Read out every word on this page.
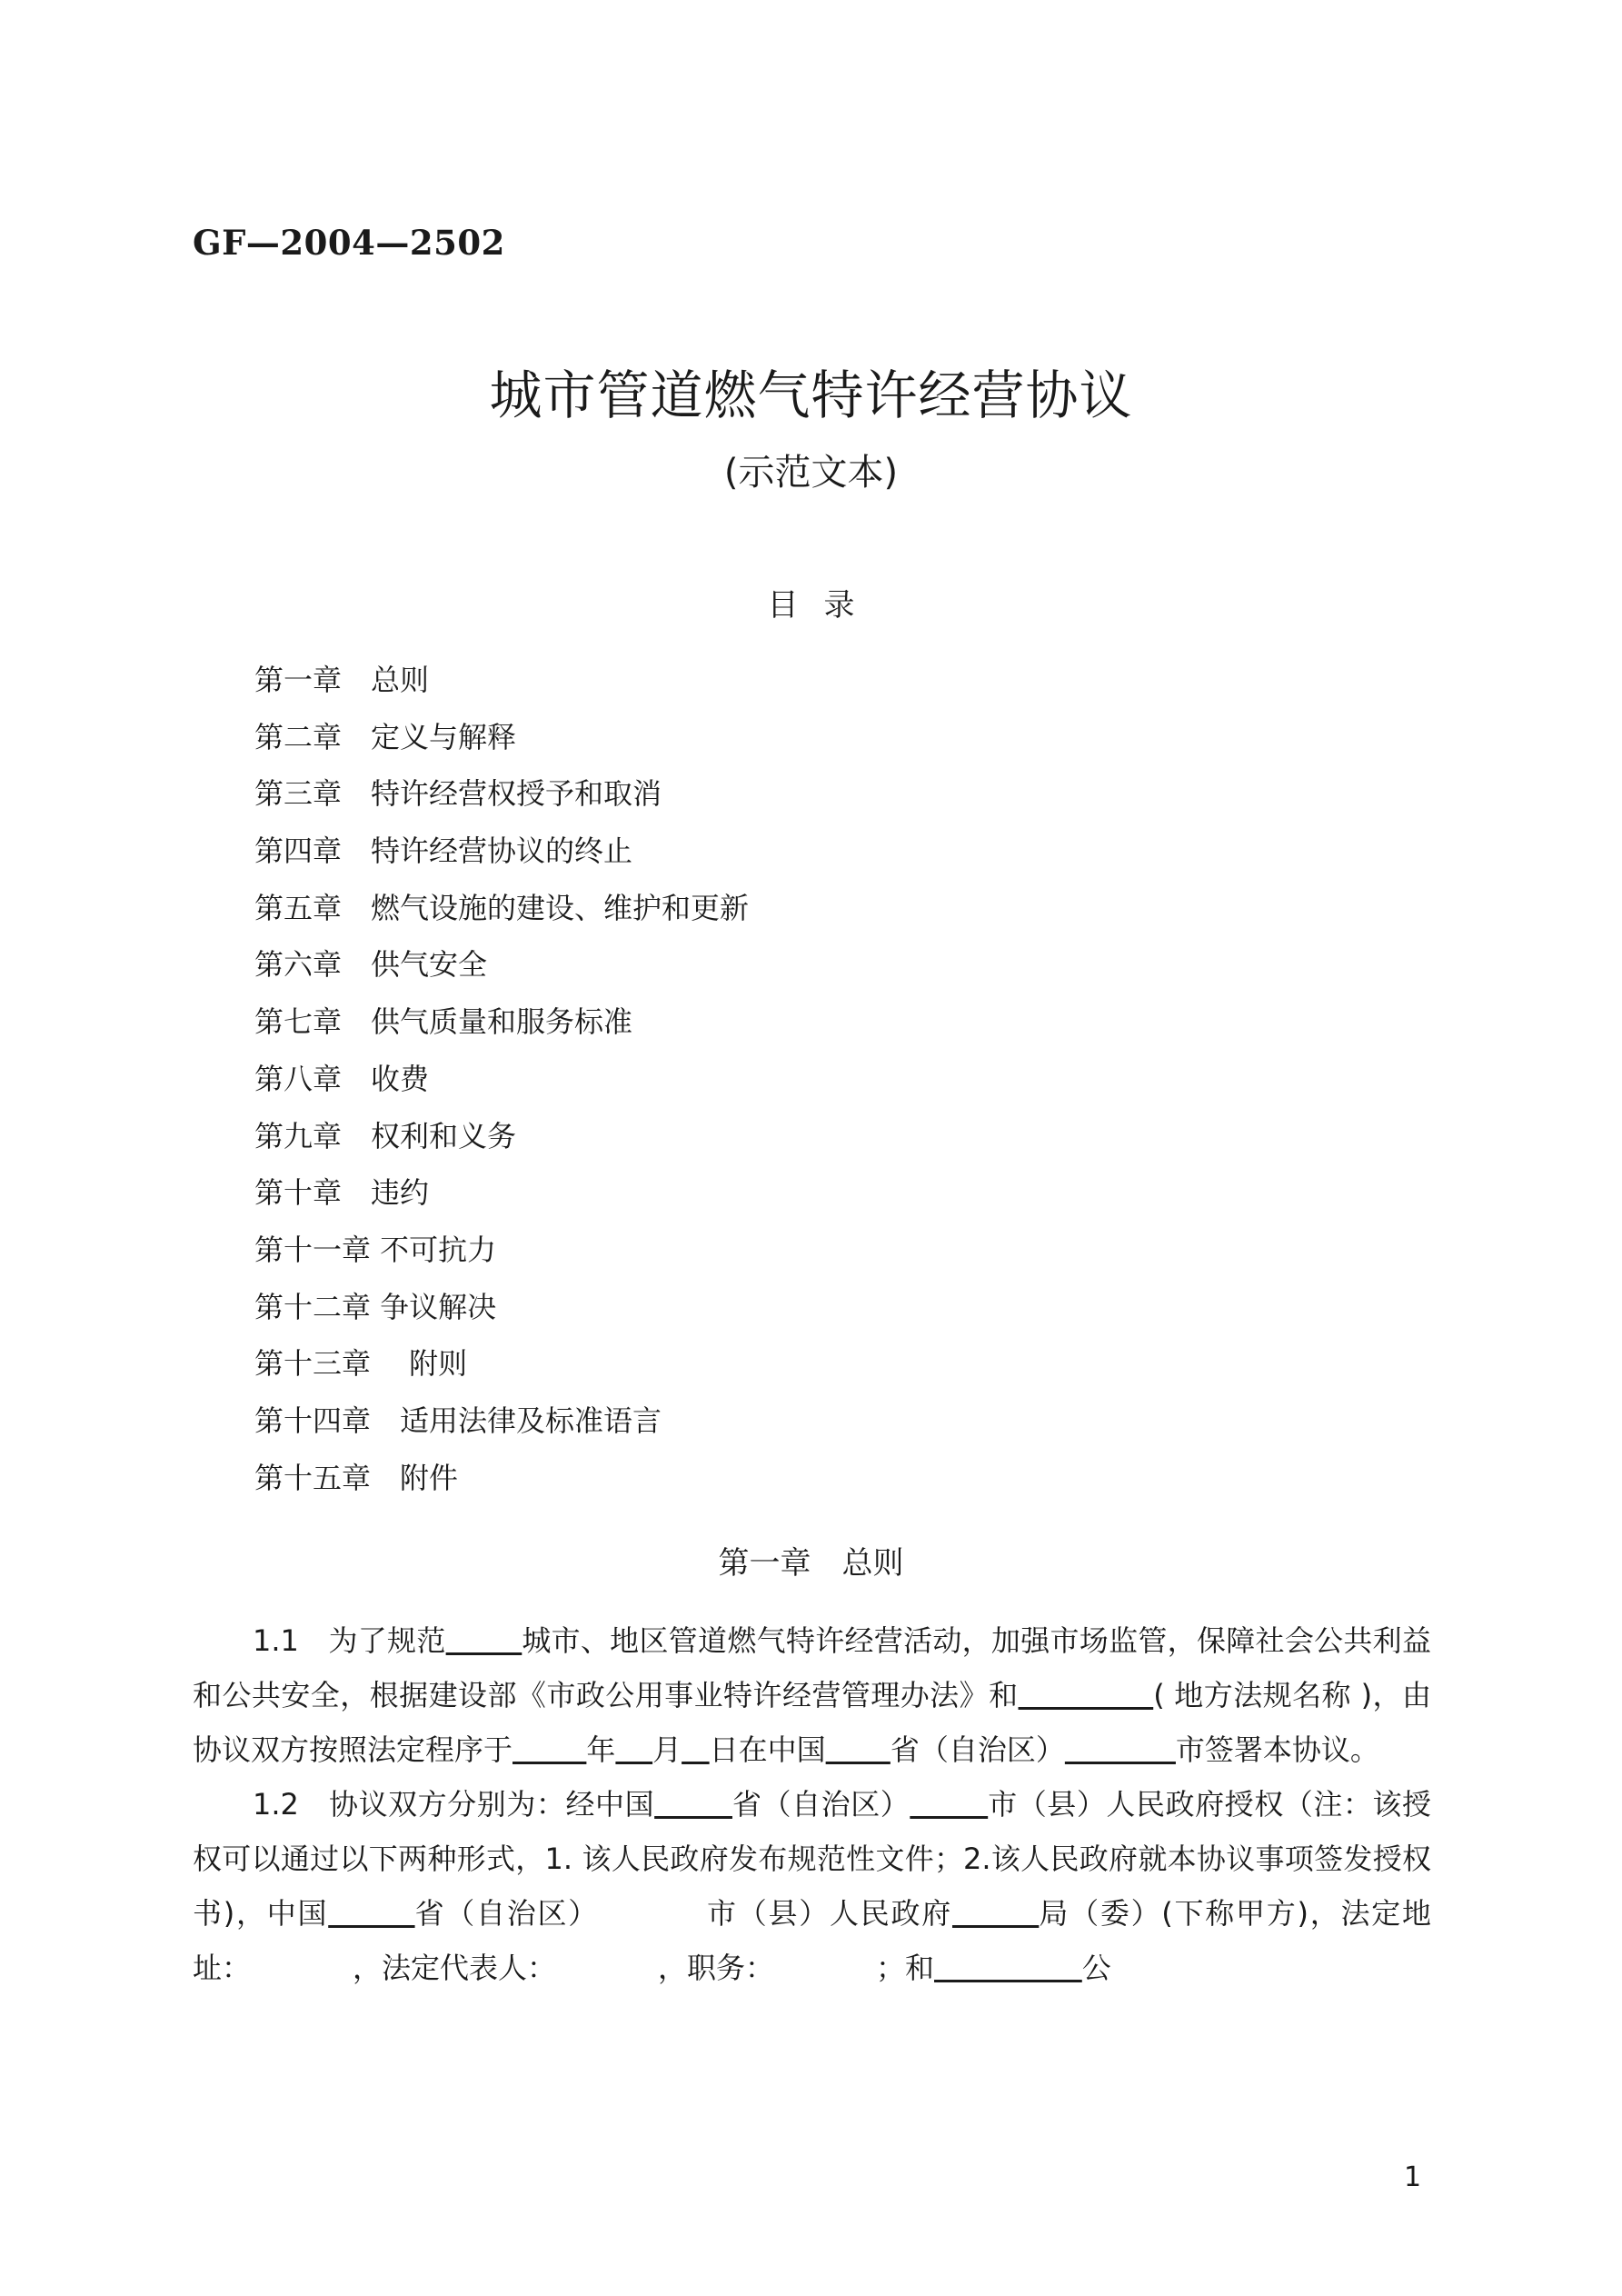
GF—2004—2502
城市管道燃气特许经营协议
(示范文本)
目录
第一章　总则
第二章　定义与解释
第三章　特许经营权授予和取消
第四章　特许经营协议的终止
第五章　燃气设施的建设、维护和更新
第六章　供气安全
第七章　供气质量和服务标准
第八章　收费
第九章　权利和义务
第十章　违约
第十一章 不可抗力
第十二章 争议解决
第十三章　 附则
第十四章　适用法律及标准语言
第十五章　附件
第一章　总则

1.1　为了规范	城市、地区管道燃气特许经营活动，加强市场监管，保障社会公共利益和公共安全，根据建设部《市政公用事业特许经营管理办法》和	( 地方法规名称 )，由协议双方按照法定程序于	年 月 日在中国 省（自治区）	市签署本协议。

1.2　协议双方分别为：经中国	省（自治区）	市（县）人民政府授权（注：该授权可以通过以下两种形式，1. 该人民政府发布规范性文件；2.该人民政府就本协议事项签发授权书)，中国	省（自治区）　　　　市（县）人民政府	局（委）(下称甲方)，法定地址：　　　　，法定代表人：　　　　，职务：　　　　；和	公

1
